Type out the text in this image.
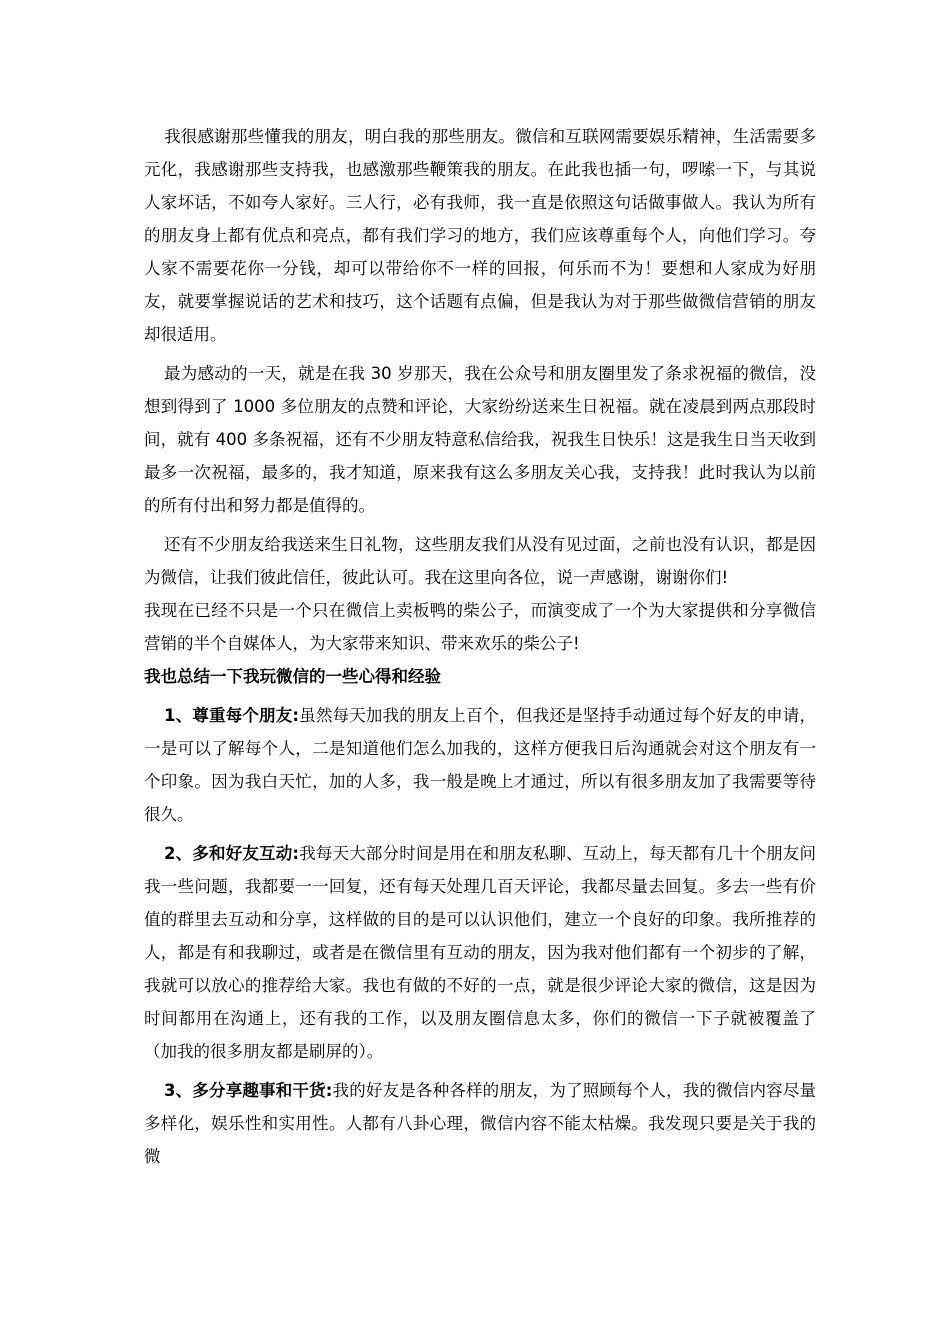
我很感谢那些懂我的朋友，明白我的那些朋友。微信和互联网需要娱乐精神，生活需要多元化，我感谢那些支持我，也感激那些鞭策我的朋友。在此我也插一句，啰嗦一下，与其说人家坏话，不如夸人家好。三人行，必有我师，我一直是依照这句话做事做人。我认为所有的朋友身上都有优点和亮点，都有我们学习的地方，我们应该尊重每个人，向他们学习。夸人家不需要花你一分钱，却可以带给你不一样的回报，何乐而不为！要想和人家成为好朋友，就要掌握说话的艺术和技巧，这个话题有点偏，但是我认为对于那些做微信营销的朋友却很适用。

最为感动的一天，就是在我 30 岁那天，我在公众号和朋友圈里发了条求祝福的微信，没想到得到了 1000 多位朋友的点赞和评论，大家纷纷送来生日祝福。就在凌晨到两点那段时间，就有 400 多条祝福，还有不少朋友特意私信给我，祝我生日快乐！这是我生日当天收到最多一次祝福，最多的，我才知道，原来我有这么多朋友关心我，支持我！此时我认为以前的所有付出和努力都是值得的。

还有不少朋友给我送来生日礼物，这些朋友我们从没有见过面，之前也没有认识，都是因为微信，让我们彼此信任，彼此认可。我在这里向各位，说一声感谢，谢谢你们!

我现在已经不只是一个只在微信上卖板鸭的柴公子，而演变成了一个为大家提供和分享微信营销的半个自媒体人，为大家带来知识、带来欢乐的柴公子!

我也总结一下我玩微信的一些心得和经验

1、尊重每个朋友:虽然每天加我的朋友上百个，但我还是坚持手动通过每个好友的申请，一是可以了解每个人，二是知道他们怎么加我的，这样方便我日后沟通就会对这个朋友有一个印象。因为我白天忙，加的人多，我一般是晚上才通过，所以有很多朋友加了我需要等待很久。

2、多和好友互动:我每天大部分时间是用在和朋友私聊、互动上，每天都有几十个朋友问我一些问题，我都要一一回复，还有每天处理几百天评论，我都尽量去回复。多去一些有价值的群里去互动和分享，这样做的目的是可以认识他们，建立一个良好的印象。我所推荐的人，都是有和我聊过，或者是在微信里有互动的朋友，因为我对他们都有一个初步的了解，我就可以放心的推荐给大家。我也有做的不好的一点，就是很少评论大家的微信，这是因为时间都用在沟通上，还有我的工作，以及朋友圈信息太多，你们的微信一下子就被覆盖了（加我的很多朋友都是刷屏的）。

3、多分享趣事和干货:我的好友是各种各样的朋友，为了照顾每个人，我的微信内容尽量多样化，娱乐性和实用性。人都有八卦心理，微信内容不能太枯燥。我发现只要是关于我的微
